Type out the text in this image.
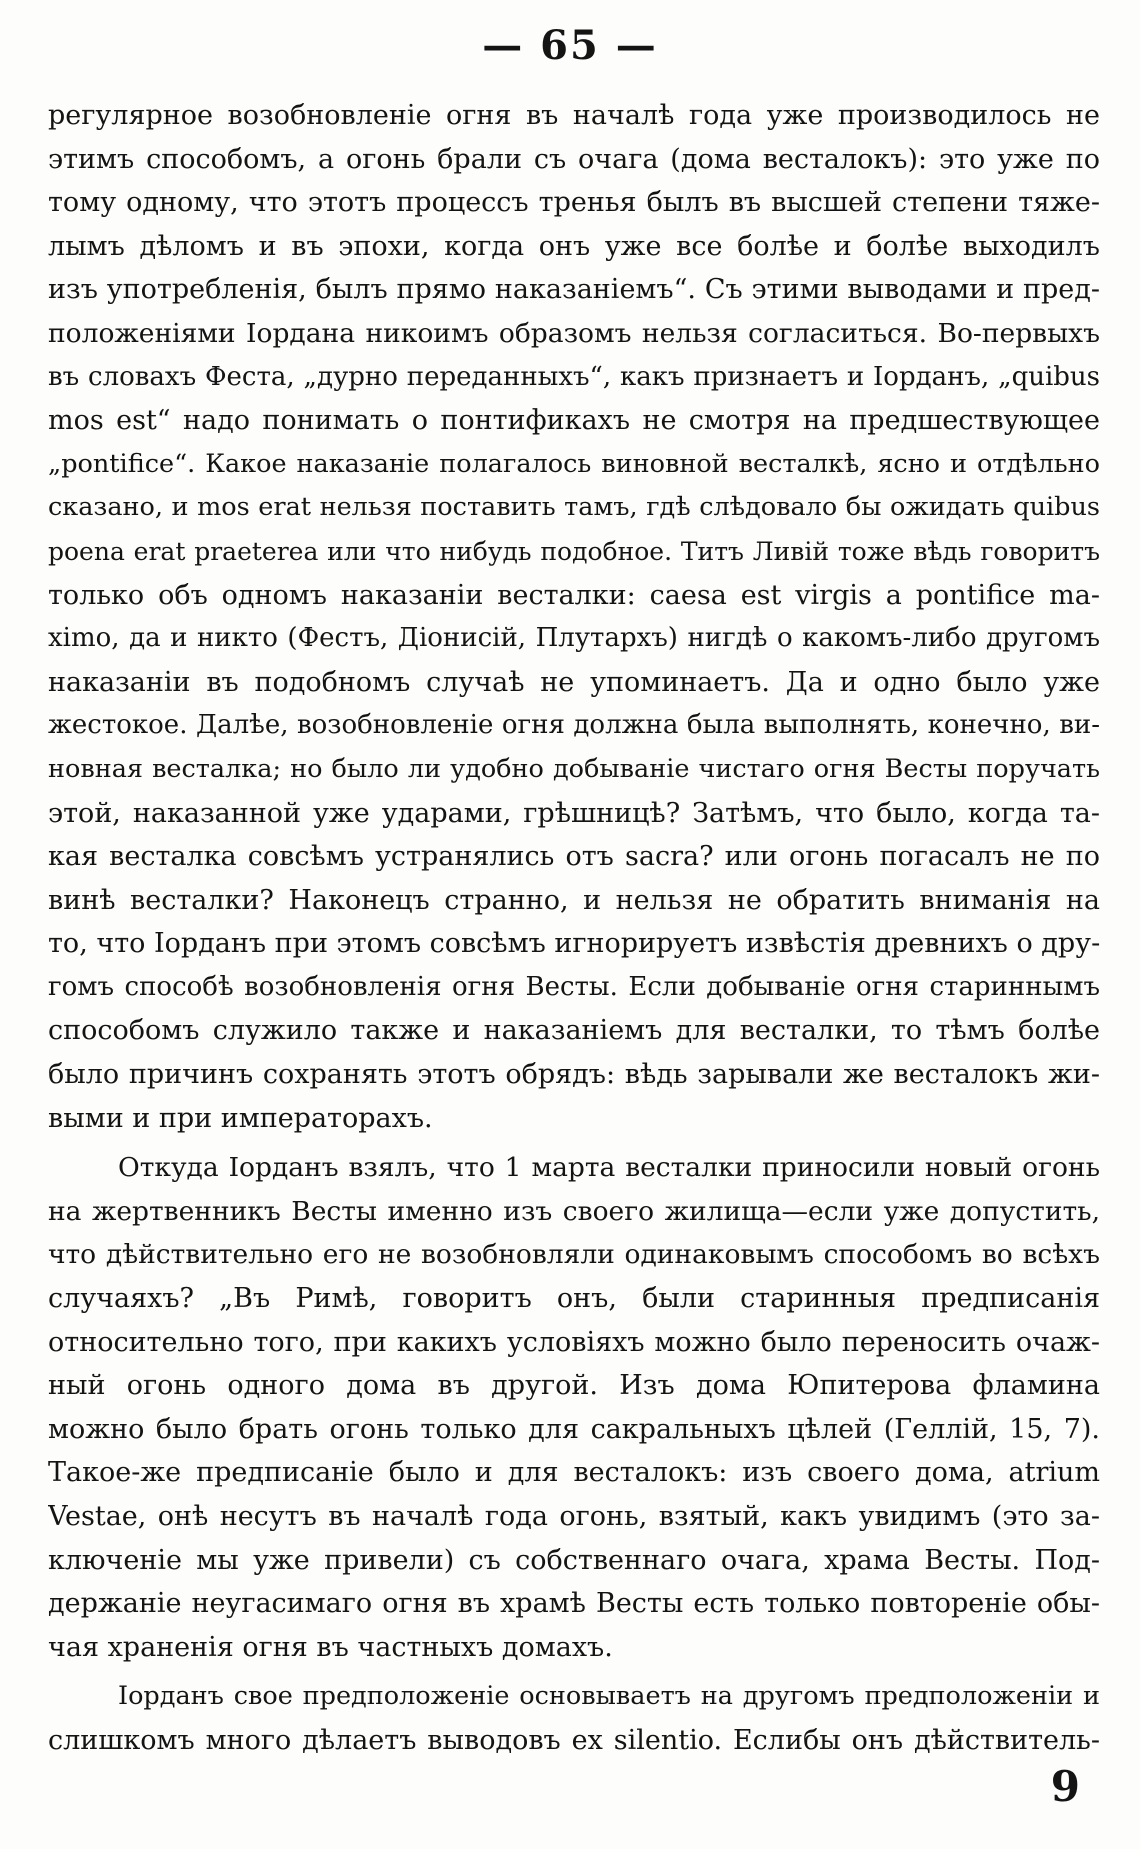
— 65 —
регулярное возобновленіе огня въ началѣ года уже производилось не
этимъ способомъ, а огонь брали съ очага (дома весталокъ): это уже по
тому одному, что этотъ процессъ тренья былъ въ высшей степени тяже-
лымъ дѣломъ и въ эпохи, когда онъ уже все болѣе и болѣе выходилъ
изъ употребленія, былъ прямо наказаніемъ“. Съ этими выводами и пред-
положеніями Іордана никоимъ образомъ нельзя согласиться. Во-первыхъ
въ словахъ Феста, „дурно переданныхъ“, какъ признаетъ и Іорданъ, „quibus
mos est“ надо понимать о понтификахъ не смотря на предшествующее
„pontifice“. Какое наказаніе полагалось виновной весталкѣ, ясно и отдѣльно
сказано, и mos erat нельзя поставить тамъ, гдѣ слѣдовало бы ожидать quibus
poena erat praeterea или что нибудь подобное. Титъ Ливій тоже вѣдь говоритъ
только объ одномъ наказаніи весталки: caesa est virgis a pontifice ma-
ximo, да и никто (Фестъ, Діонисій, Плутархъ) нигдѣ о какомъ-либо другомъ
наказаніи въ подобномъ случаѣ не упоминаетъ. Да и одно было уже
жестокое. Далѣе, возобновленіе огня должна была выполнять, конечно, ви-
новная весталка; но было ли удобно добываніе чистаго огня Весты поручать
этой, наказанной уже ударами, грѣшницѣ? Затѣмъ, что было, когда та-
кая весталка совсѣмъ устранялись отъ sacra? или огонь погасалъ не по
винѣ весталки? Наконецъ странно, и нельзя не обратить вниманія на
то, что Іорданъ при этомъ совсѣмъ игнорируетъ извѣстія древнихъ о дру-
гомъ способѣ возобновленія огня Весты. Если добываніе огня стариннымъ
способомъ служило также и наказаніемъ для весталки, то тѣмъ болѣе
было причинъ сохранять этотъ обрядъ: вѣдь зарывали же весталокъ жи-
выми и при императорахъ.
Откуда Іорданъ взялъ, что 1 марта весталки приносили новый огонь
на жертвенникъ Весты именно изъ своего жилища—если уже допустить,
что дѣйствительно его не возобновляли одинаковымъ способомъ во всѣхъ
случаяхъ? „Въ Римѣ, говоритъ онъ, были старинныя предписанія
относительно того, при какихъ условіяхъ можно было переносить очаж-
ный огонь одного дома въ другой. Изъ дома Юпитерова фламина
можно было брать огонь только для сакральныхъ цѣлей (Геллій, 15, 7).
Такое-же предписаніе было и для весталокъ: изъ своего дома, atrium
Vestae, онѣ несутъ въ началѣ года огонь, взятый, какъ увидимъ (это за-
ключеніе мы уже привели) съ собственнаго очага, храма Весты. Под-
держаніе неугасимаго огня въ храмѣ Весты есть только повтореніе обы-
чая храненія огня въ частныхъ домахъ.
Іорданъ свое предположеніе основываетъ на другомъ предположеніи и
слишкомъ много дѣлаетъ выводовъ ex silentio. Еслибы онъ дѣйствитель-
9
